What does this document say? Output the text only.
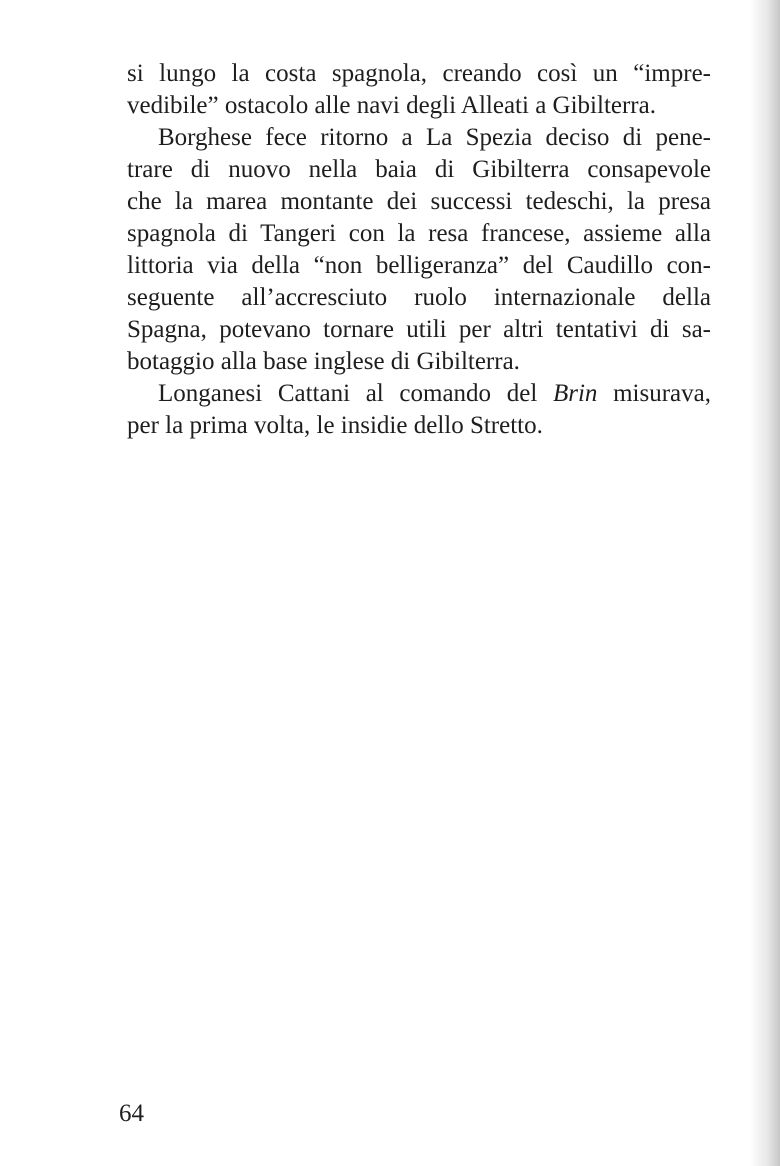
si lungo la costa spagnola, creando così un “impre-
vedibile” ostacolo alle navi degli Alleati a Gibilterra.
Borghese fece ritorno a La Spezia deciso di pene-
trare di nuovo nella baia di Gibilterra consapevole
che la marea montante dei successi tedeschi, la presa
spagnola di Tangeri con la resa francese, assieme alla
littoria via della “non belligeranza” del Caudillo con-
seguente all’accresciuto ruolo internazionale della
Spagna, potevano tornare utili per altri tentativi di sa-
botaggio alla base inglese di Gibilterra.
Longanesi Cattani al comando del Brin misurava,
per la prima volta, le insidie dello Stretto.
64
